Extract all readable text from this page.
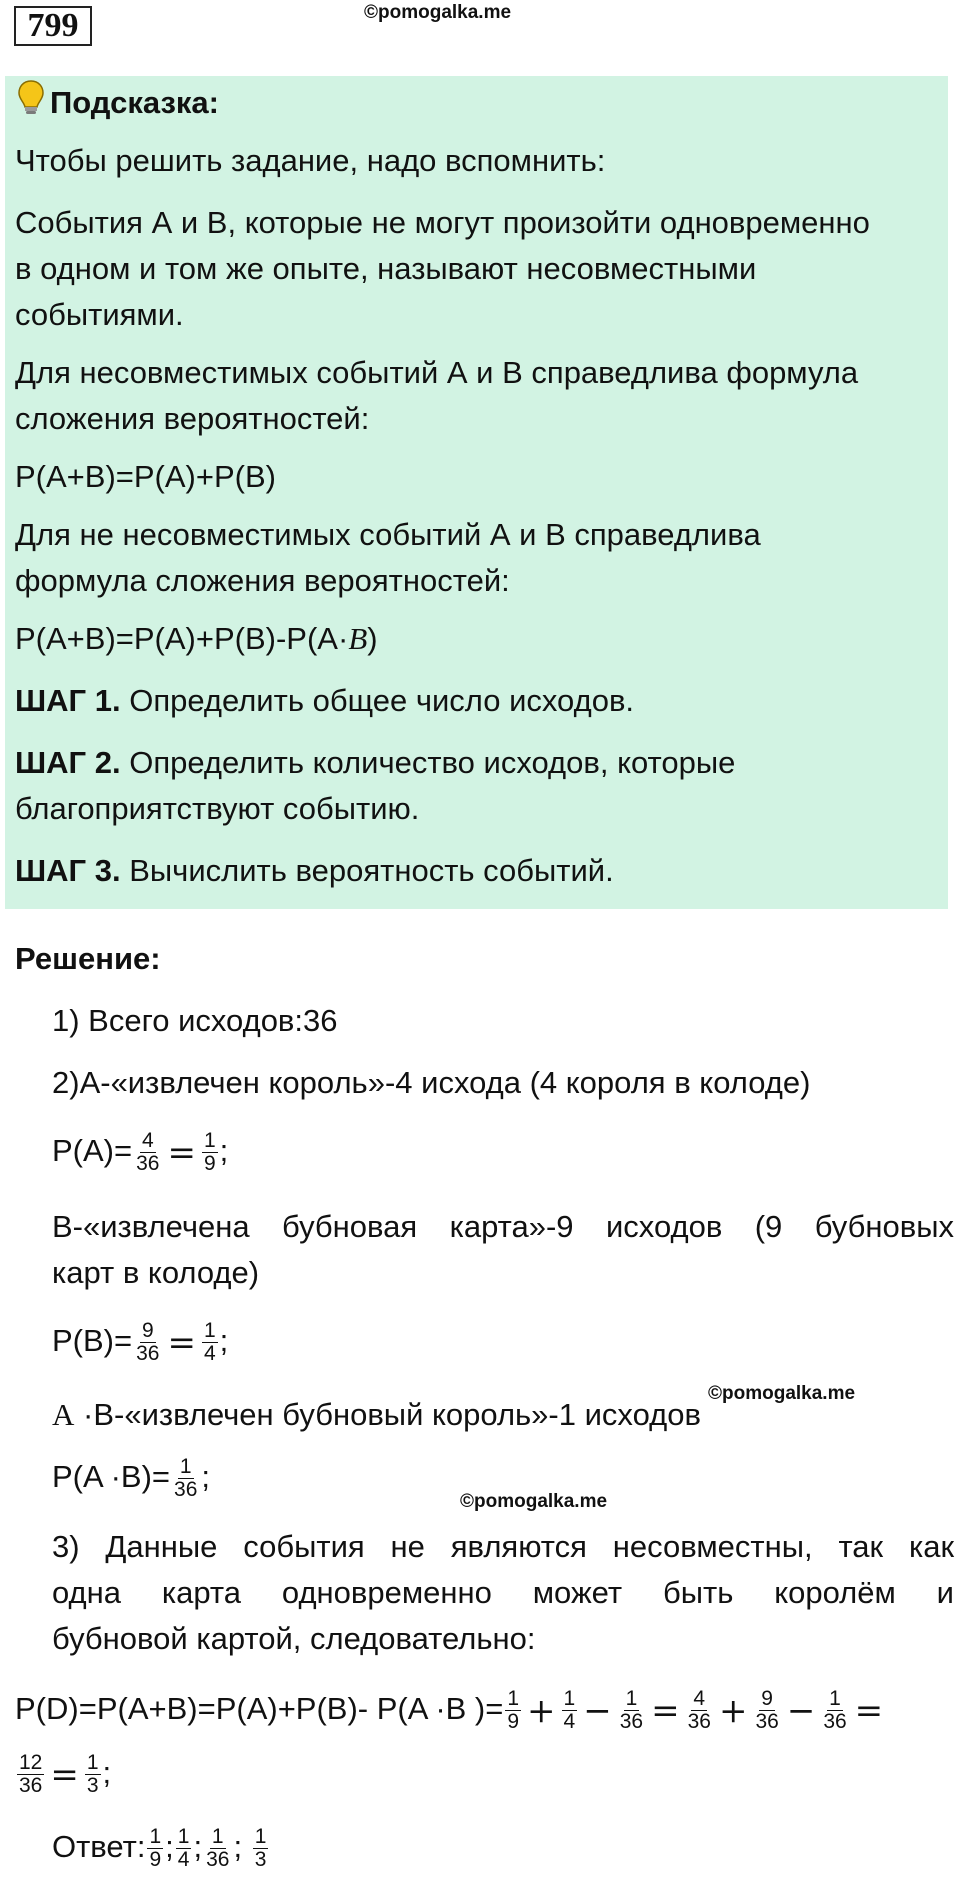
799	©pomogalka.me
Подсказка:
Чтобы решить задание, надо вспомнить:
События А и В, которые не могут произойти одновременно
в одном и том же опыте, называют несовместными
событиями.
Для несовместимых событий А и В справедлива формула
сложения вероятностей:
P(A+B)=P(A)+P(B)
Для не несовместимых событий А и В справедлива
формула сложения вероятностей:
P(A+B)=P(A)+P(B)-P(A·B)
ШАГ 1. Определить общее число исходов.
ШАГ 2. Определить количество исходов, которые
благоприятствуют событию.
ШАГ 3. Вычислить вероятность событий.
Решение:
1) Всего исходов:36
2)А-«извлечен король»-4 исхода (4 короля в колоде)
$P(A)= \frac{4}{36} = \frac{1}{9}$ ;
В-«извлечена бубновая карта»-9 исходов (9 бубновых
карт в колоде)
$P(B)= \frac{9}{36} = \frac{1}{4}$ ;
©pomogalka.me
A ·В-«извлечен бубновый король»-1 исходов
$P(A \cdot B)= \frac{1}{36}$ ;
©pomogalka.me
3) Данные события не являются несовместны, так как
одна карта одновременно может быть королём и
бубновой картой, следовательно:
P(D)=P(A+B)=P(A)+P(B)- P(A ·B )= $\frac{1}{9} + \frac{1}{4} - \frac{1}{36} = \frac{4}{36} + \frac{9}{36} - \frac{1}{36}$ =
$\frac{12}{36} = \frac{1}{3}$ ;
Ответ: $\frac{1}{9}$ ; $\frac{1}{4}$ ; $\frac{1}{36}$ ; $\frac{1}{3}$
